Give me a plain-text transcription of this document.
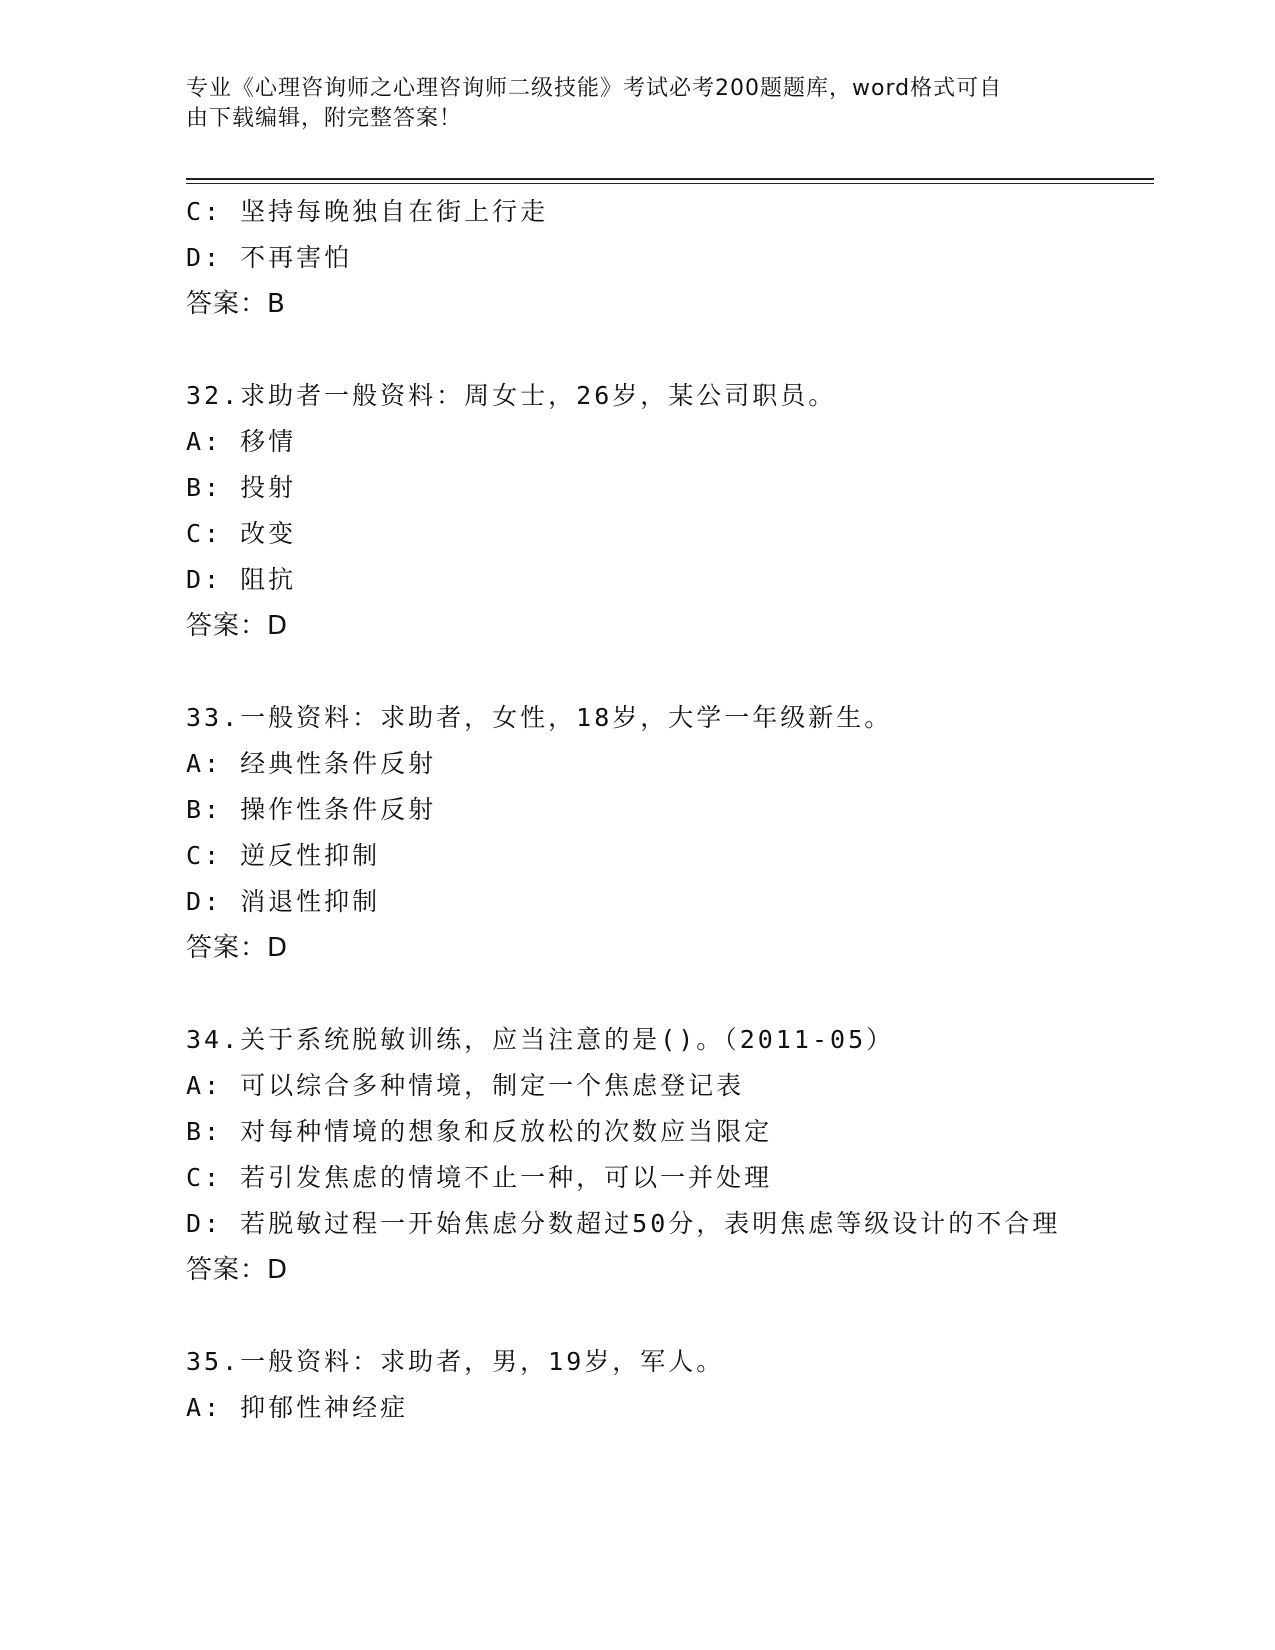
专业《心理咨询师之心理咨询师二级技能》考试必考200题题库，word格式可自

由下载编辑，附完整答案！

C: 坚持每晚独自在街上行走
D: 不再害怕
答案：B
32.求助者一般资料：周女士，26岁，某公司职员。
A: 移情
B: 投射
C: 改变
D: 阻抗
答案：D
33.一般资料：求助者，女性，18岁，大学一年级新生。
A: 经典性条件反射
B: 操作性条件反射
C: 逆反性抑制
D: 消退性抑制
答案：D
34.关于系统脱敏训练，应当注意的是()。（2011-05）
A: 可以综合多种情境，制定一个焦虑登记表
B: 对每种情境的想象和反放松的次数应当限定
C: 若引发焦虑的情境不止一种，可以一并处理
D: 若脱敏过程一开始焦虑分数超过50分，表明焦虑等级设计的不合理
答案：D
35.一般资料：求助者，男，19岁，军人。
A: 抑郁性神经症
